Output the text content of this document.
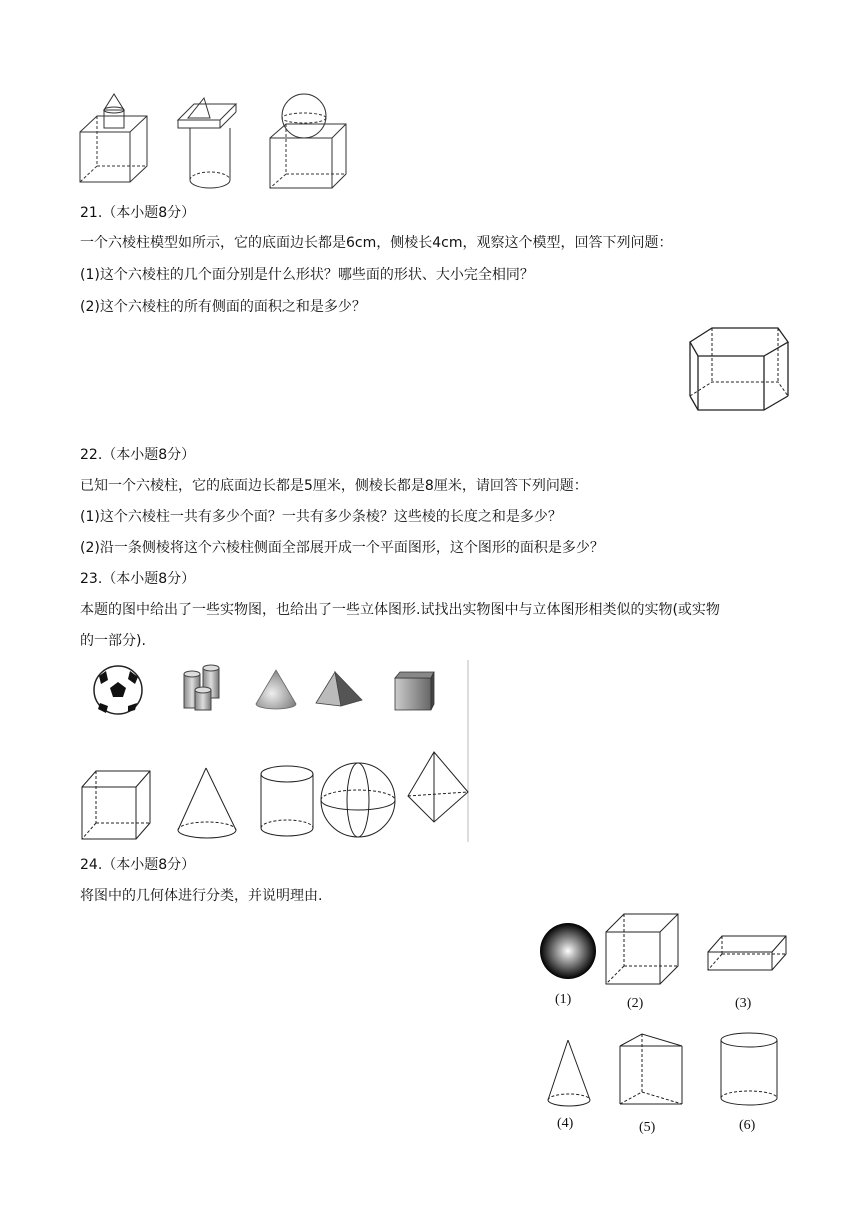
21.（本小题8分）
一个六棱柱模型如所示，它的底面边长都是6cm，侧棱长4cm，观察这个模型，回答下列问题：
(1)这个六棱柱的几个面分别是什么形状？哪些面的形状、大小完全相同？
(2)这个六棱柱的所有侧面的面积之和是多少？
22.（本小题8分）
已知一个六棱柱，它的底面边长都是5厘米，侧棱长都是8厘米，请回答下列问题：
(1)这个六棱柱一共有多少个面？一共有多少条棱？这些棱的长度之和是多少？
(2)沿一条侧棱将这个六棱柱侧面全部展开成一个平面图形，这个图形的面积是多少？
23.（本小题8分）
本题的图中给出了一些实物图，也给出了一些立体图形.试找出实物图中与立体图形相类似的实物(或实物
的一部分).
24.（本小题8分）
将图中的几何体进行分类，并说明理由.
(1)	(2)	(3)
(4)	(5)	(6)
